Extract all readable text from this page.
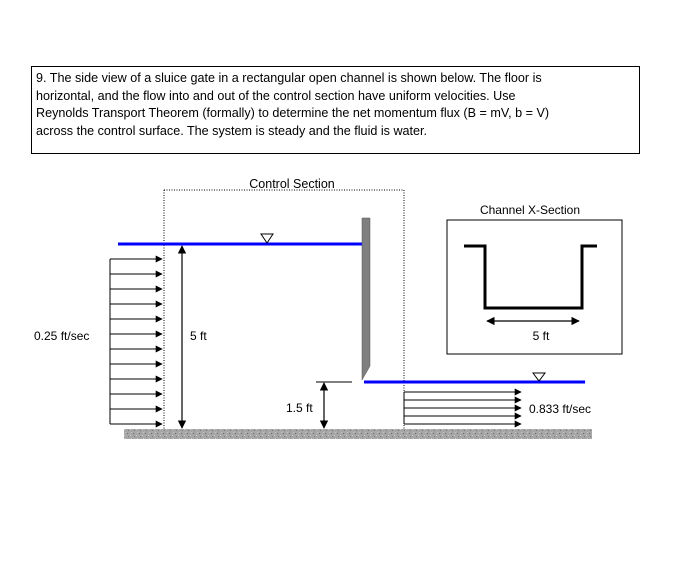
9. The side view of a sluice gate in a rectangular open channel is shown below. The floor is

horizontal, and the flow into and out of the control section have uniform velocities. Use

Reynolds Transport Theorem (formally) to determine the net momentum flux (B = mV, b = V)

across the control surface. The system is steady and the fluid is water.

Control Section
0.25 ft/sec	5 ft
1.5 ft	0.833 ft/sec
Channel X-Section
5 ft
